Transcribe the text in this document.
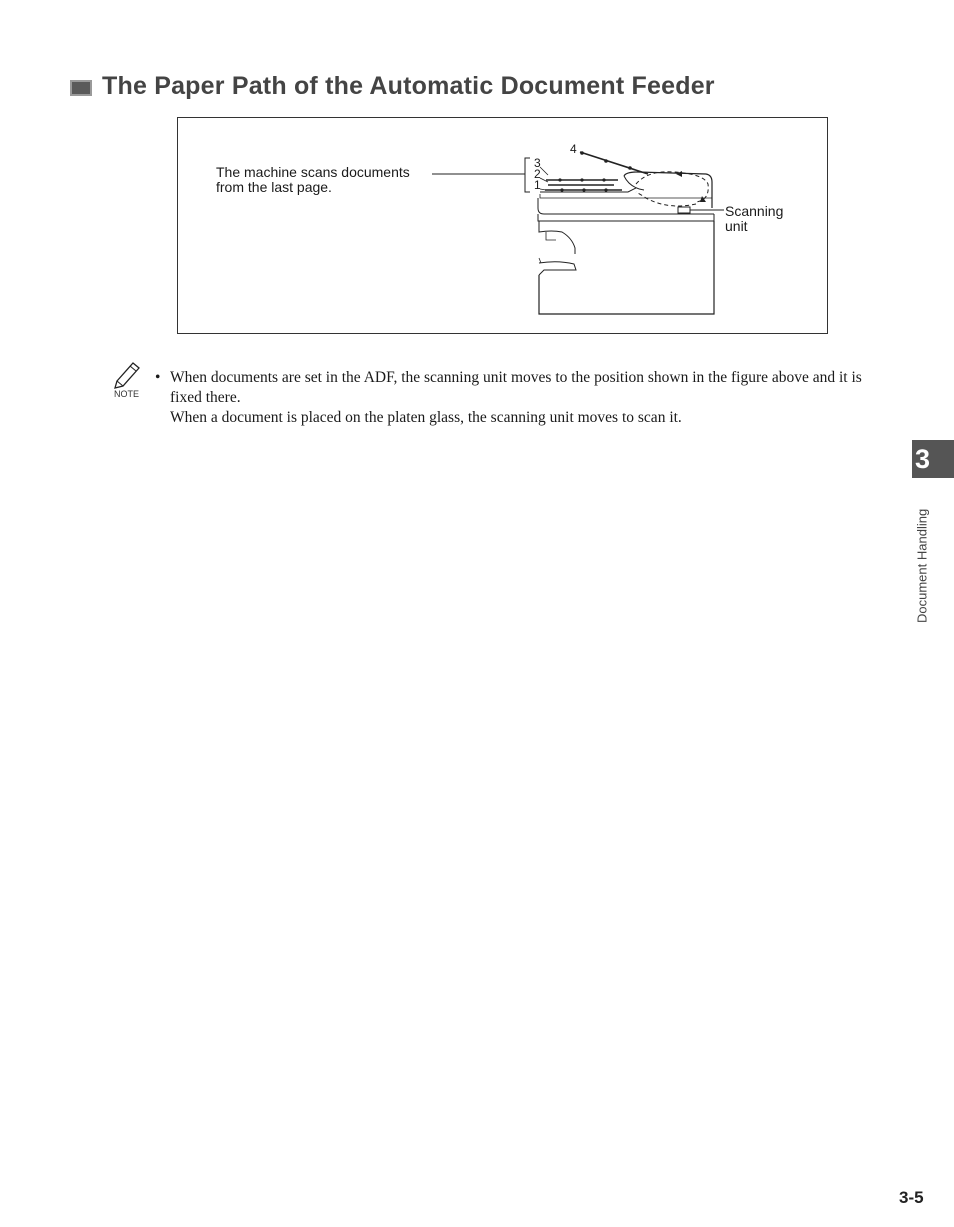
The Paper Path of the Automatic Document Feeder
The machine scans documents
from the last page.
4
3
2
1
Scanning
unit
NOTE
• When documents are set in the ADF, the scanning unit moves to the position shown in the figure above and it is fixed there.

When a document is placed on the platen glass, the scanning unit moves to scan it.

3
Document Handling
3-5
